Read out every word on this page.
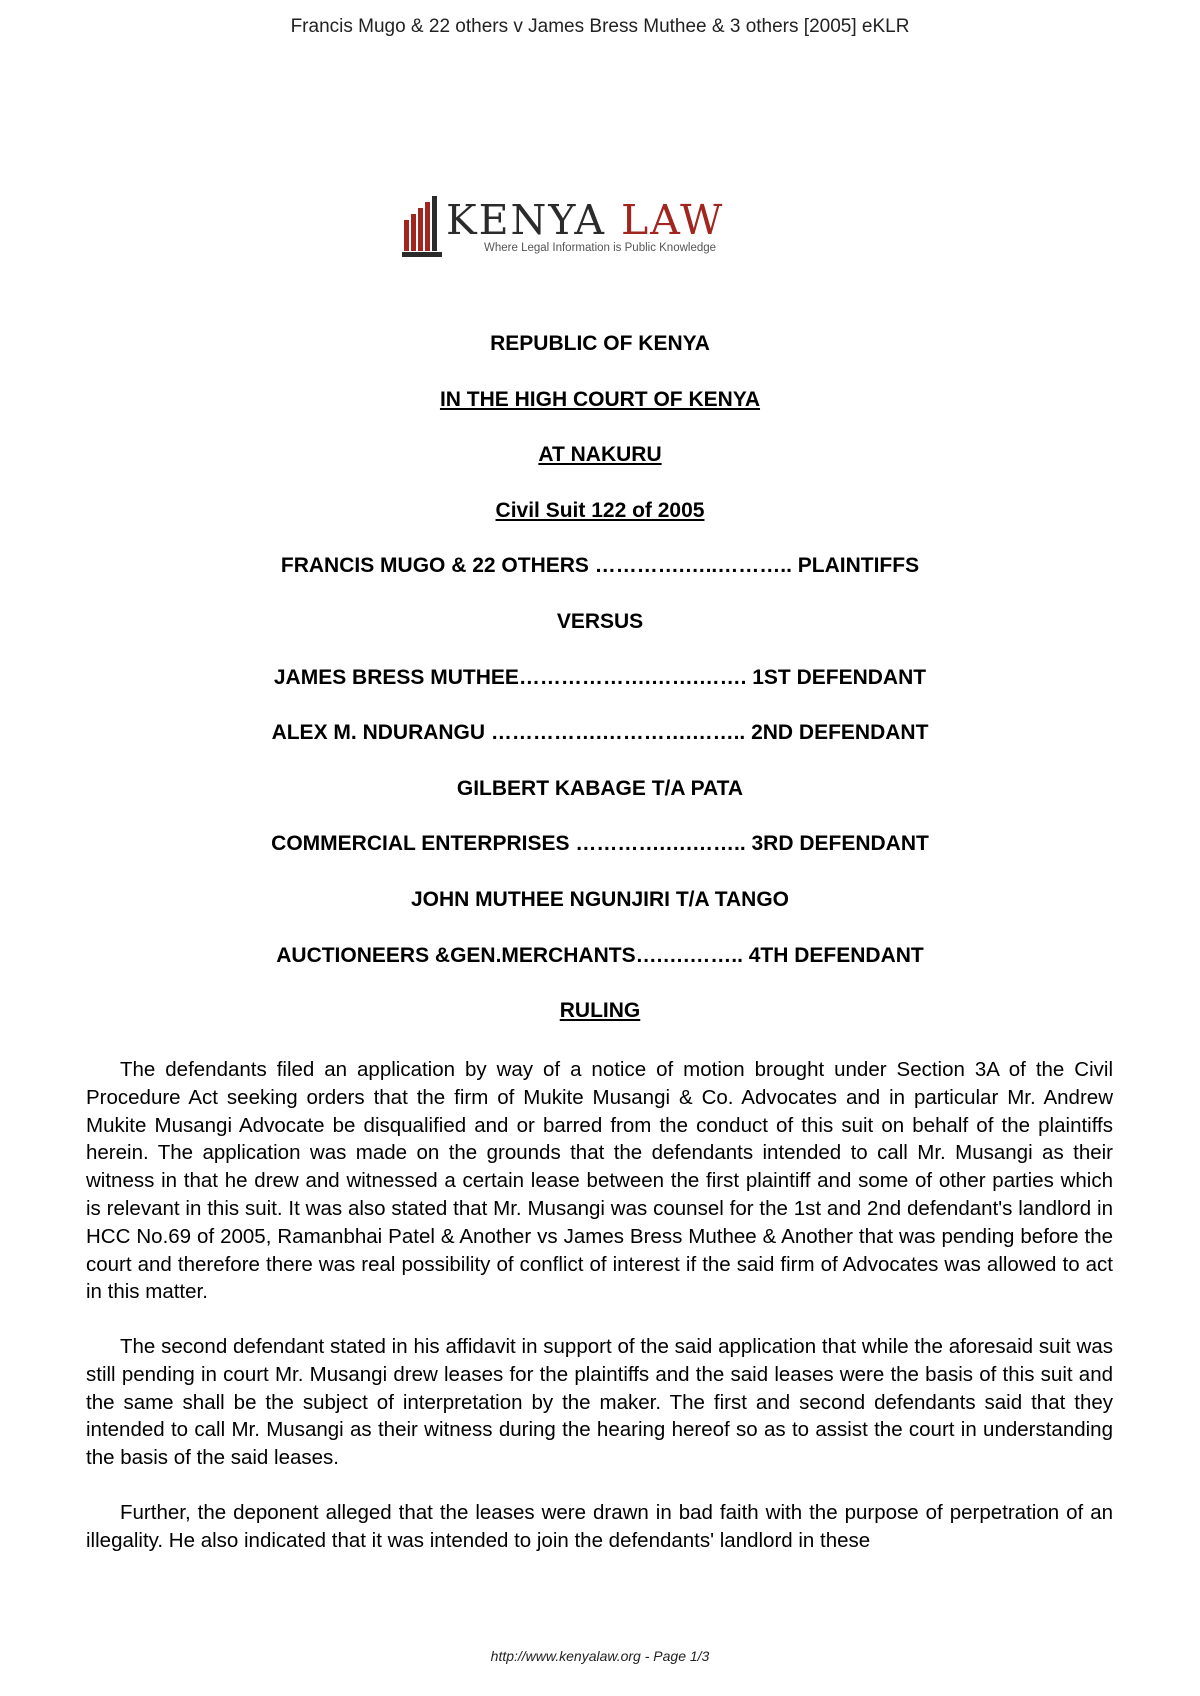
Francis Mugo & 22 others v James Bress Muthee & 3 others [2005] eKLR
KENYA LAW
Where Legal Information is Public Knowledge
REPUBLIC OF KENYA
IN THE HIGH COURT OF KENYA
AT NAKURU
Civil Suit 122 of 2005
FRANCIS MUGO & 22 OTHERS ………….…..……….. PLAINTIFFS
VERSUS
JAMES BRESS MUTHEE……………….…….……. 1ST DEFENDANT
ALEX M. NDURANGU …………….………….…….. 2ND DEFENDANT
GILBERT KABAGE T/A PATA
COMMERCIAL ENTERPRISES ………….….…….. 3RD DEFENDANT
JOHN MUTHEE NGUNJIRI T/A TANGO
AUCTIONEERS &GEN.MERCHANTS….….…….. 4TH DEFENDANT
RULING

The defendants filed an application by way of a notice of motion brought under Section 3A of the Civil Procedure Act seeking orders that the firm of Mukite Musangi & Co. Advocates and in particular Mr. Andrew Mukite Musangi Advocate be disqualified and or barred from the conduct of this suit on behalf of the plaintiffs herein. The application was made on the grounds that the defendants intended to call Mr. Musangi as their witness in that he drew and witnessed a certain lease between the first plaintiff and some of other parties which is relevant in this suit. It was also stated that Mr. Musangi was counsel for the 1st and 2nd defendant's landlord in HCC No.69 of 2005, Ramanbhai Patel & Another vs James Bress Muthee & Another that was pending before the court and therefore there was real possibility of conflict of interest if the said firm of Advocates was allowed to act in this matter.

The second defendant stated in his affidavit in support of the said application that while the aforesaid suit was still pending in court Mr. Musangi drew leases for the plaintiffs and the said leases were the basis of this suit and the same shall be the subject of interpretation by the maker. The first and second defendants said that they intended to call Mr. Musangi as their witness during the hearing hereof so as to assist the court in understanding the basis of the said leases.

Further, the deponent alleged that the leases were drawn in bad faith with the purpose of perpetration of an illegality. He also indicated that it was intended to join the defendants' landlord in these

http://www.kenyalaw.org - Page 1/3
